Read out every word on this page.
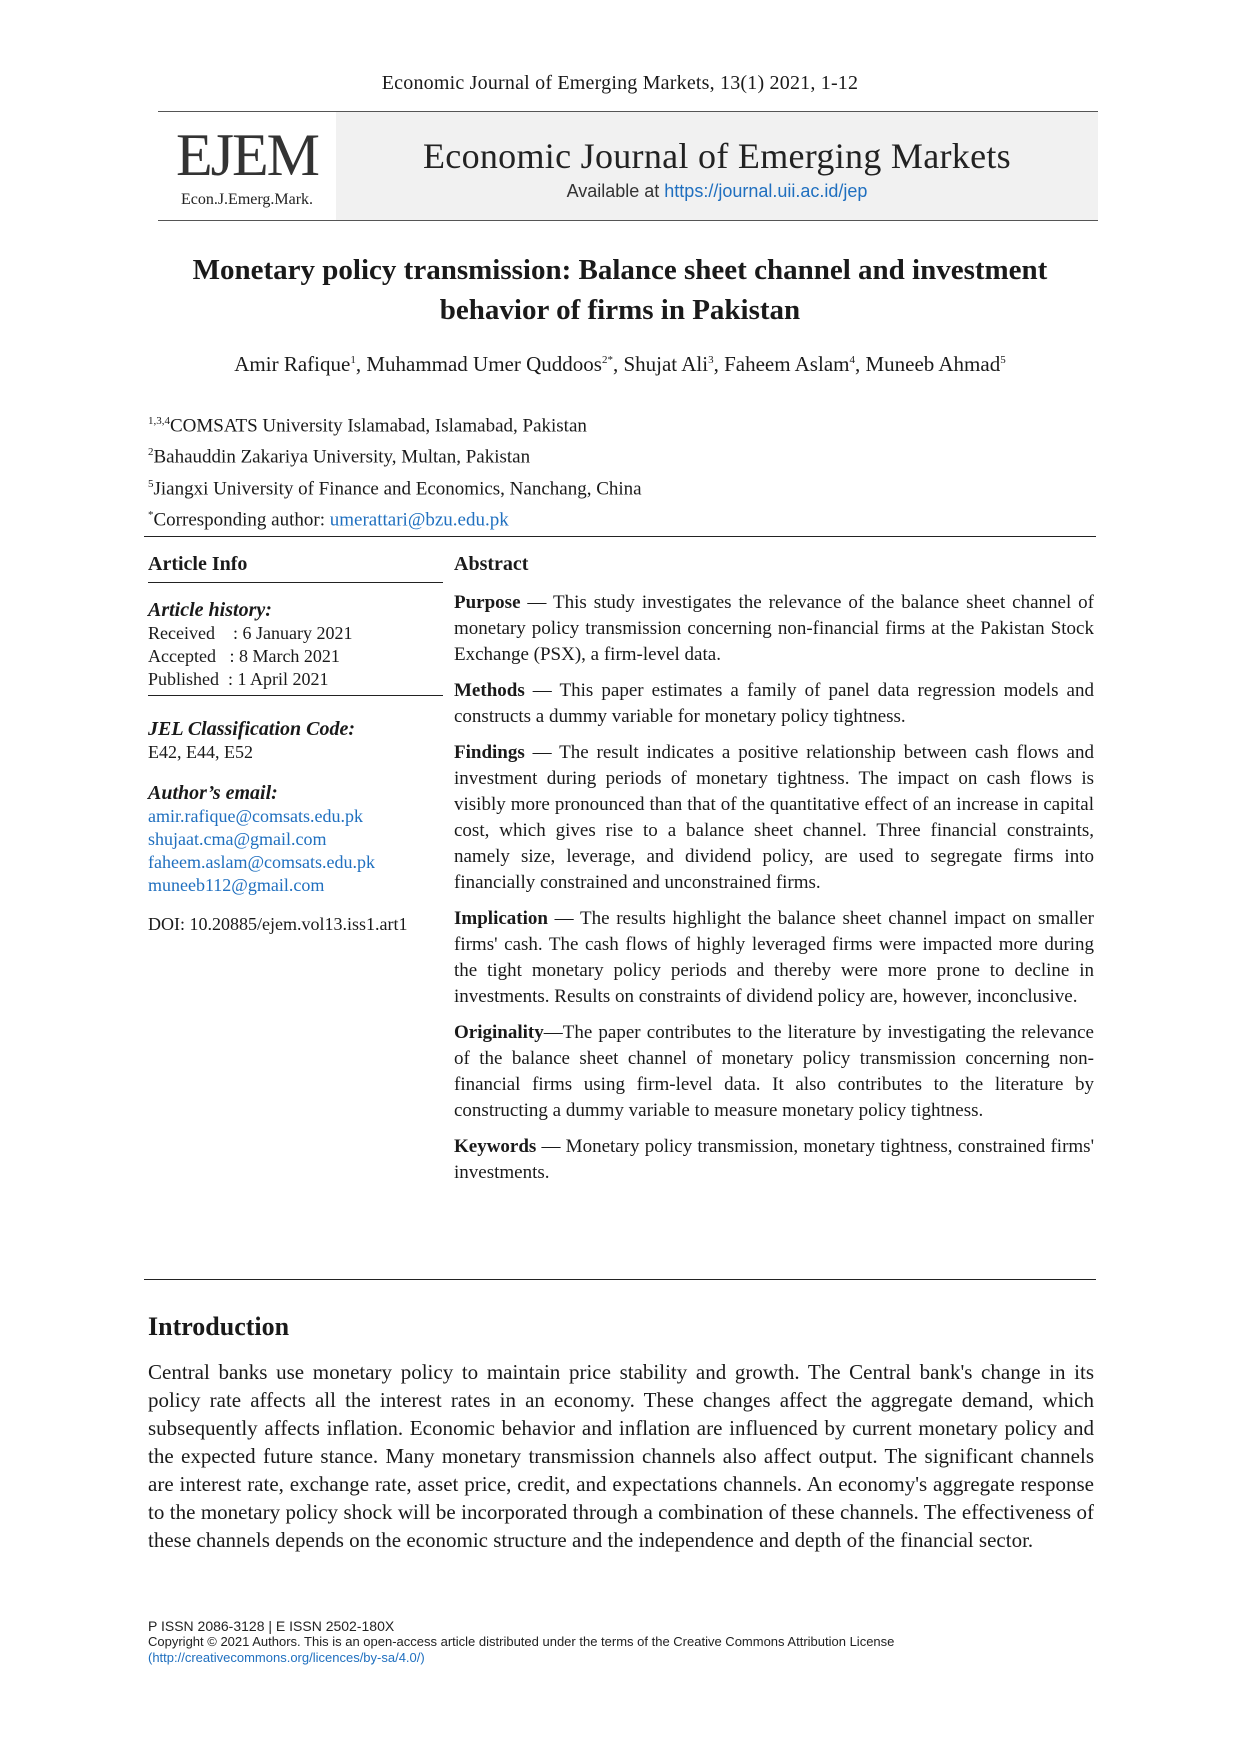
Economic Journal of Emerging Markets, 13(1) 2021, 1-12
EJEM
Econ.J.Emerg.Mark.
Economic Journal of Emerging Markets
Available at https://journal.uii.ac.id/jep
Monetary policy transmission: Balance sheet channel and investment behavior of firms in Pakistan
Amir Rafique$^1$, Muhammad Umer Quddoos$^{2*}$, Shujat Ali$^3$, Faheem Aslam$^4$, Muneeb Ahmad$^5$
$^{1,3,4}$COMSATS University Islamabad, Islamabad, Pakistan
$^2$Bahauddin Zakariya University, Multan, Pakistan
$^5$Jiangxi University of Finance and Economics, Nanchang, China
*Corresponding author: umerattari@bzu.edu.pk
Article Info
Article history:
Received    : 6 January 2021
Accepted   : 8 March 2021
Published  : 1 April 2021
JEL Classification Code:
E42, E44, E52
Author’s email:
amir.rafique@comsats.edu.pk
shujaat.cma@gmail.com
faheem.aslam@comsats.edu.pk
muneeb112@gmail.com
DOI: 10.20885/ejem.vol13.iss1.art1
Abstract

Purpose — This study investigates the relevance of the balance sheet channel of monetary policy transmission concerning non-financial firms at the Pakistan Stock Exchange (PSX), a firm-level data.

Methods — This paper estimates a family of panel data regression models and constructs a dummy variable for monetary policy tightness.

Findings — The result indicates a positive relationship between cash flows and investment during periods of monetary tightness. The impact on cash flows is visibly more pronounced than that of the quantitative effect of an increase in capital cost, which gives rise to a balance sheet channel. Three financial constraints, namely size, leverage, and dividend policy, are used to segregate firms into financially constrained and unconstrained firms.

Implication — The results highlight the balance sheet channel impact on smaller firms' cash. The cash flows of highly leveraged firms were impacted more during the tight monetary policy periods and thereby were more prone to decline in investments. Results on constraints of dividend policy are, however, inconclusive.

Originality—The paper contributes to the literature by investigating the relevance of the balance sheet channel of monetary policy transmission concerning non-financial firms using firm-level data. It also contributes to the literature by constructing a dummy variable to measure monetary policy tightness.

Keywords — Monetary policy transmission, monetary tightness, constrained firms' investments.

Introduction

Central banks use monetary policy to maintain price stability and growth. The Central bank's change in its policy rate affects all the interest rates in an economy. These changes affect the aggregate demand, which subsequently affects inflation. Economic behavior and inflation are influenced by current monetary policy and the expected future stance. Many monetary transmission channels also affect output. The significant channels are interest rate, exchange rate, asset price, credit, and expectations channels. An economy's aggregate response to the monetary policy shock will be incorporated through a combination of these channels. The effectiveness of these channels depends on the economic structure and the independence and depth of the financial sector.

P ISSN 2086-3128 | E ISSN 2502-180X
Copyright © 2021 Authors. This is an open-access article distributed under the terms of the Creative Commons Attribution License
(http://creativecommons.org/licences/by-sa/4.0/)
